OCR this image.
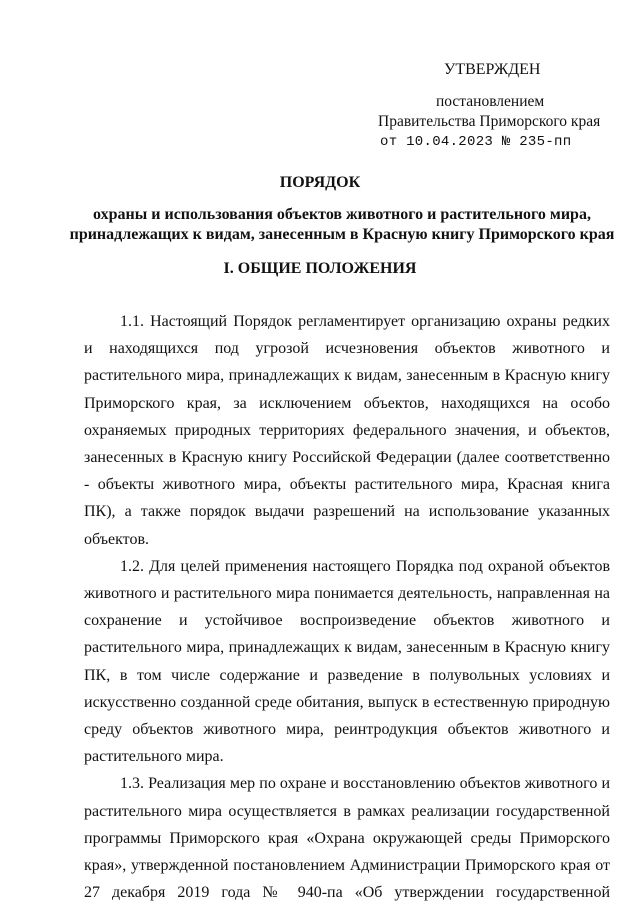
УТВЕРЖДЕН
постановлением
Правительства Приморского края
от 10.04.2023 № 235-пп
ПОРЯДОК
охраны и использования объектов животного и растительного мира,
принадлежащих к видам, занесенным в Красную книгу Приморского края
I. ОБЩИЕ ПОЛОЖЕНИЯ

1.1. Настоящий Порядок регламентирует организацию охраны редких и находящихся под угрозой исчезновения объектов животного и растительного мира, принадлежащих к видам, занесенным в Красную книгу Приморского края, за исключением объектов, находящихся на особо охраняемых природных территориях федерального значения, и объектов, занесенных в Красную книгу Российской Федерации (далее соответственно - объекты животного мира, объекты растительного мира, Красная книга ПК), а также порядок выдачи разрешений на использование указанных объектов.

1.2. Для целей применения настоящего Порядка под охраной объектов животного и растительного мира понимается деятельность, направленная на сохранение и устойчивое воспроизведение объектов животного и растительного мира, принадлежащих к видам, занесенным в Красную книгу ПК, в том числе содержание и разведение в полувольных условиях и искусственно созданной среде обитания, выпуск в естественную природную среду объектов животного мира, реинтродукция объектов животного и растительного мира.

1.3. Реализация мер по охране и восстановлению объектов животного и растительного мира осуществляется в рамках реализации государственной программы Приморского края «Охрана окружающей среды Приморского края», утвержденной постановлением Администрации Приморского края от 27 декабря 2019 года № 940-па «Об утверждении государственной
